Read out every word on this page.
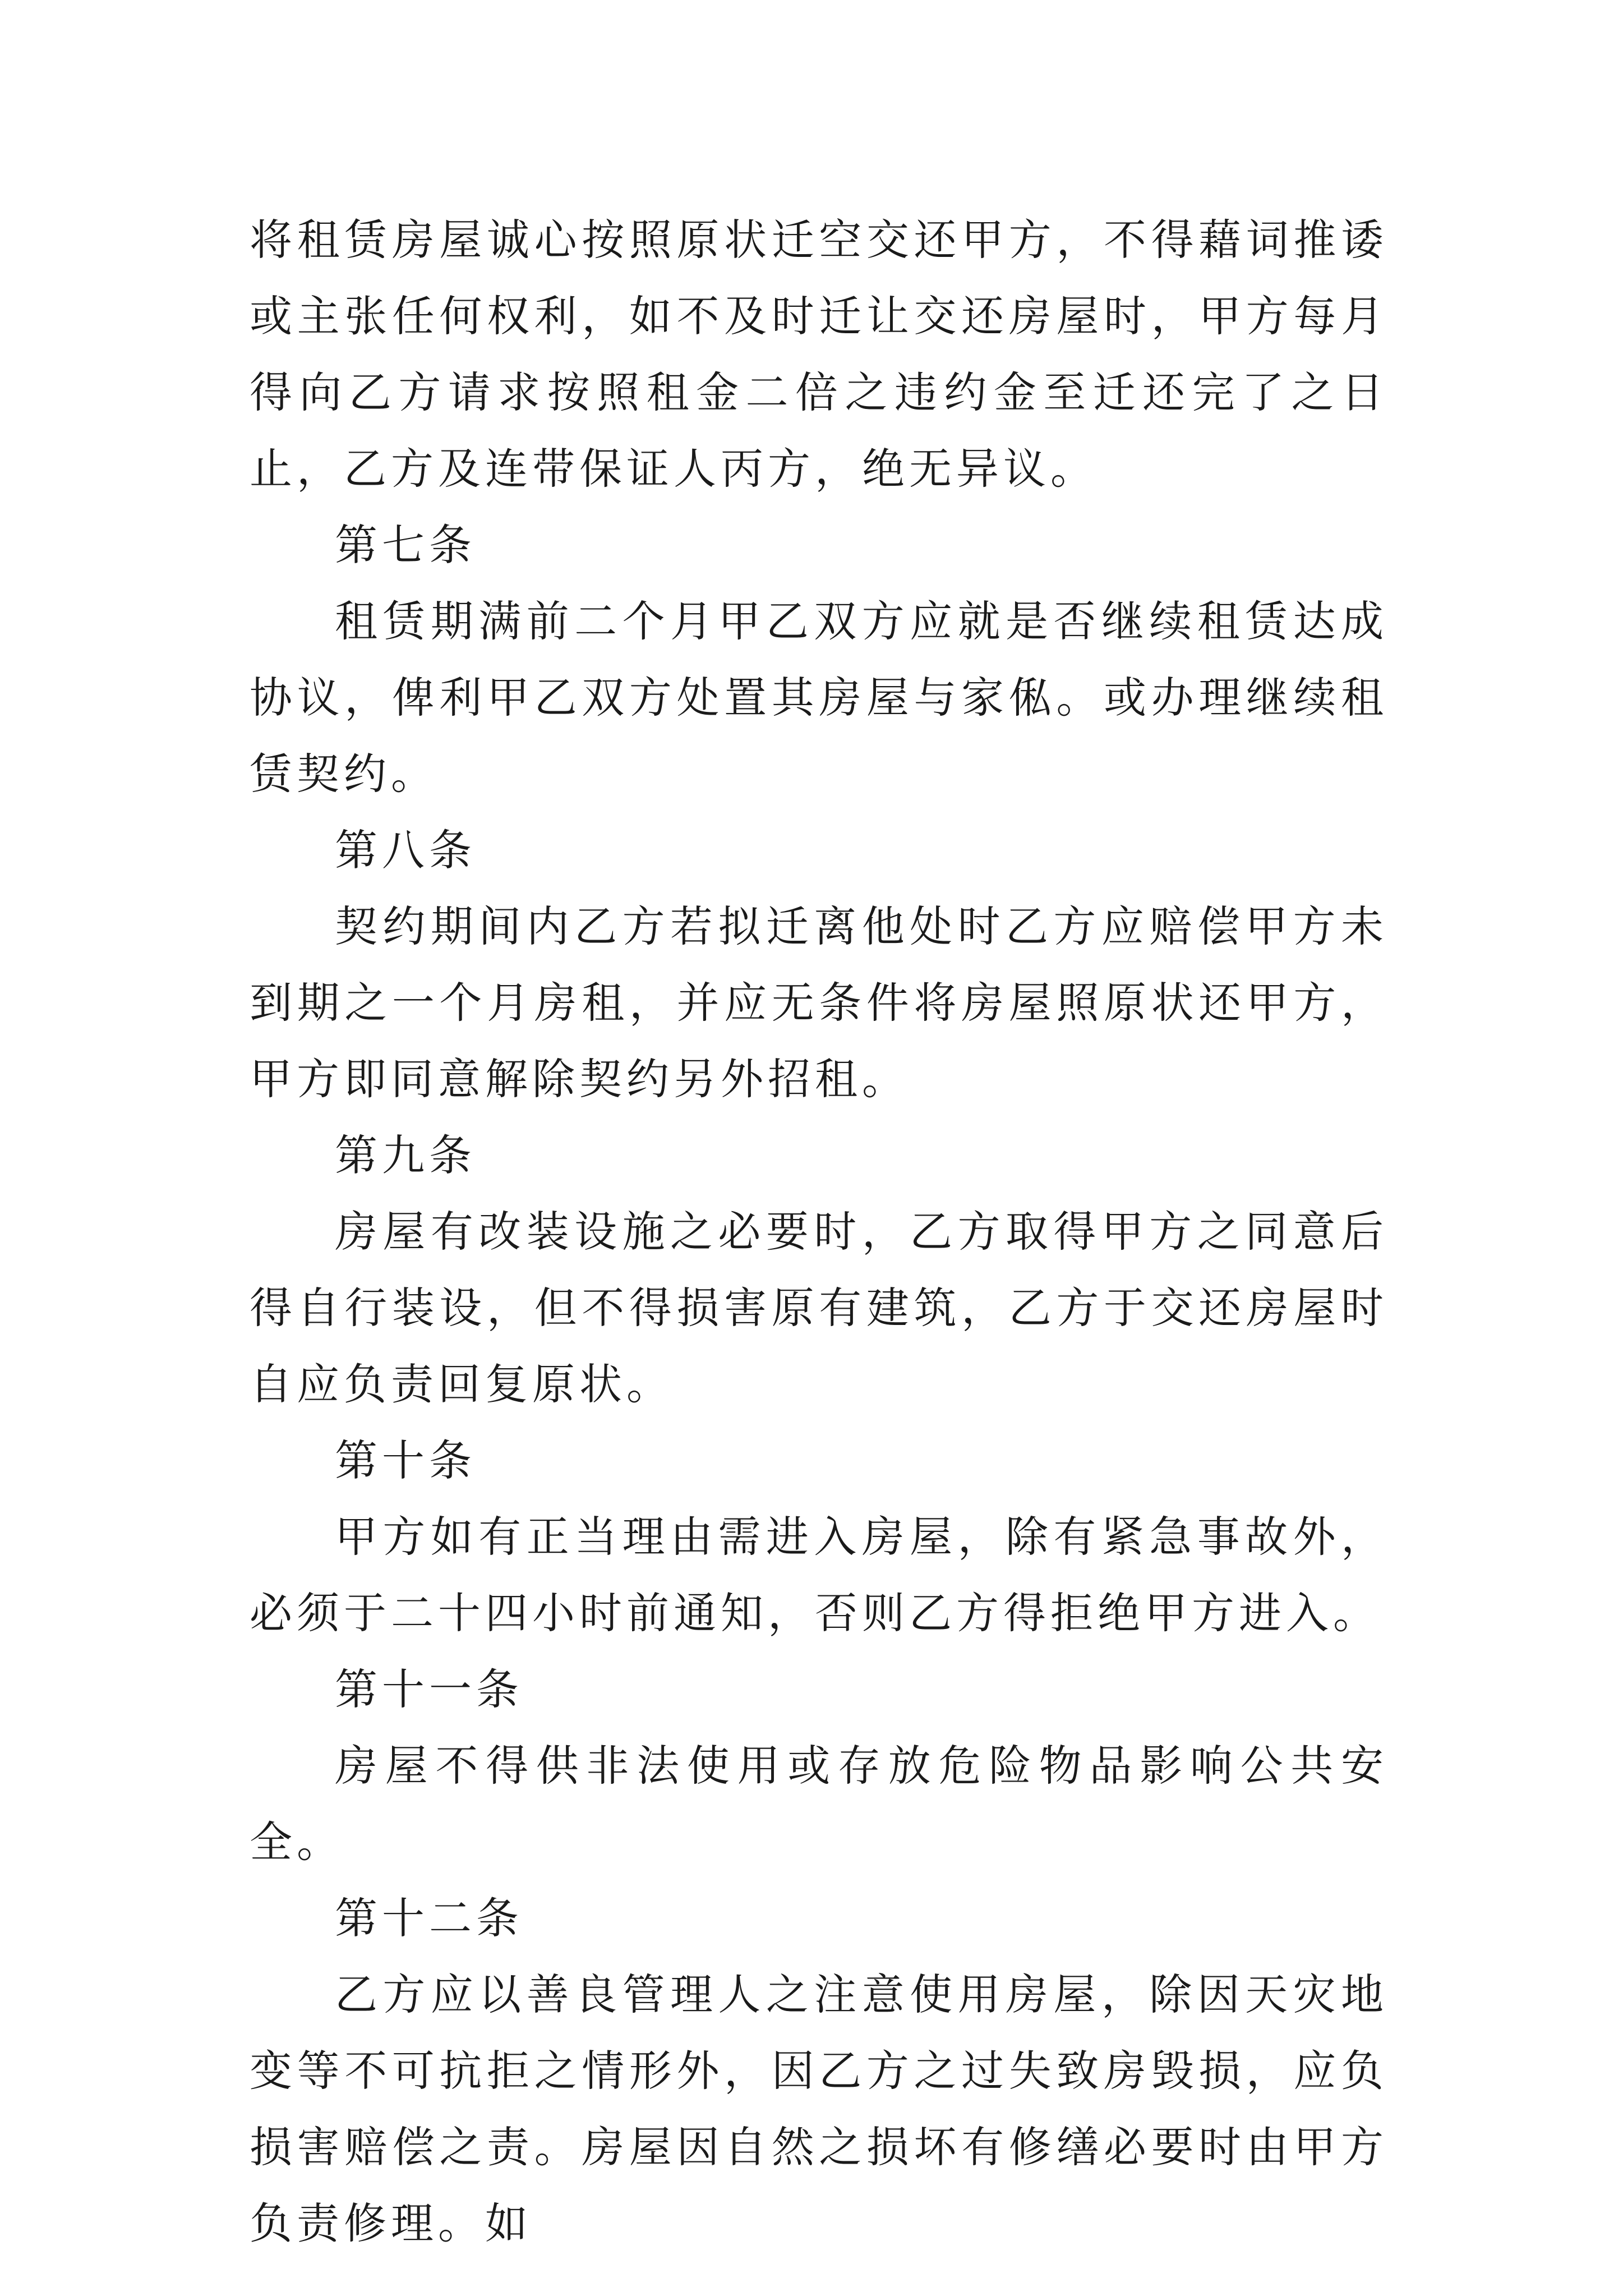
将租赁房屋诚心按照原状迁空交还甲方，不得藉词推诿或主张任何权利，如不及时迁让交还房屋时，甲方每月得向乙方请求按照租金二倍之违约金至迁还完了之日止，乙方及连带保证人丙方，绝无异议。

第七条

租赁期满前二个月甲乙双方应就是否继续租赁达成协议，俾利甲乙双方处置其房屋与家俬。或办理继续租赁契约。

第八条

契约期间内乙方若拟迁离他处时乙方应赔偿甲方未到期之一个月房租，并应无条件将房屋照原状还甲方，甲方即同意解除契约另外招租。

第九条

房屋有改装设施之必要时，乙方取得甲方之同意后得自行装设，但不得损害原有建筑，乙方于交还房屋时自应负责回复原状。

第十条

甲方如有正当理由需进入房屋，除有紧急事故外，必须于二十四小时前通知，否则乙方得拒绝甲方进入。

第十一条

房屋不得供非法使用或存放危险物品影响公共安全。

第十二条

乙方应以善良管理人之注意使用房屋，除因天灾地变等不可抗拒之情形外，因乙方之过失致房毁损，应负损害赔偿之责。房屋因自然之损坏有修缮必要时由甲方负责修理。如
